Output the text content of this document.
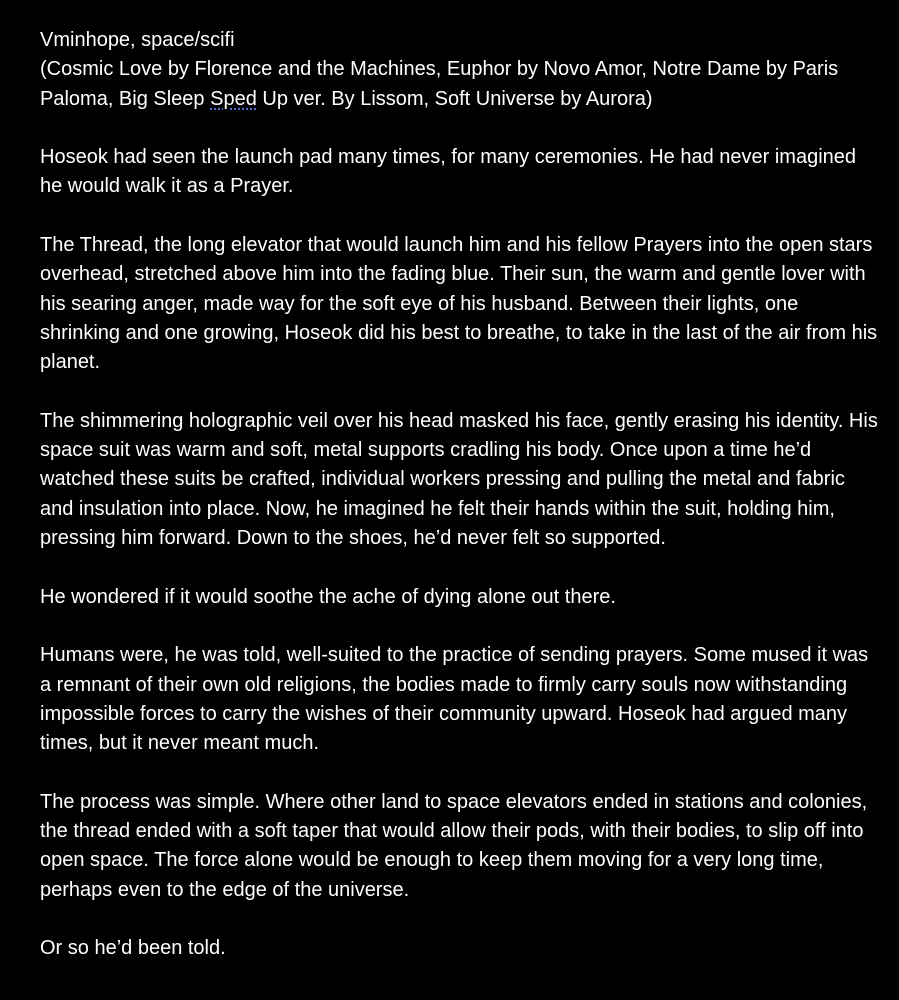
Vminhope, space/scifi
(Cosmic Love by Florence and the Machines, Euphor by Novo Amor, Notre Dame by Paris Paloma, Big Sleep Sped Up ver. By Lissom, Soft Universe by Aurora)

Hoseok had seen the launch pad many times, for many ceremonies. He had never imagined he would walk it as a Prayer.

The Thread, the long elevator that would launch him and his fellow Prayers into the open stars overhead, stretched above him into the fading blue. Their sun, the warm and gentle lover with his searing anger, made way for the soft eye of his husband. Between their lights, one shrinking and one growing, Hoseok did his best to breathe, to take in the last of the air from his planet.

The shimmering holographic veil over his head masked his face, gently erasing his identity. His space suit was warm and soft, metal supports cradling his body. Once upon a time he’d watched these suits be crafted, individual workers pressing and pulling the metal and fabric and insulation into place. Now, he imagined he felt their hands within the suit, holding him, pressing him forward. Down to the shoes, he’d never felt so supported.

He wondered if it would soothe the ache of dying alone out there.

Humans were, he was told, well-suited to the practice of sending prayers. Some mused it was a remnant of their own old religions, the bodies made to firmly carry souls now withstanding impossible forces to carry the wishes of their community upward. Hoseok had argued many times, but it never meant much.

The process was simple. Where other land to space elevators ended in stations and colonies, the thread ended with a soft taper that would allow their pods, with their bodies, to slip off into open space. The force alone would be enough to keep them moving for a very long time, perhaps even to the edge of the universe.

Or so he’d been told.
